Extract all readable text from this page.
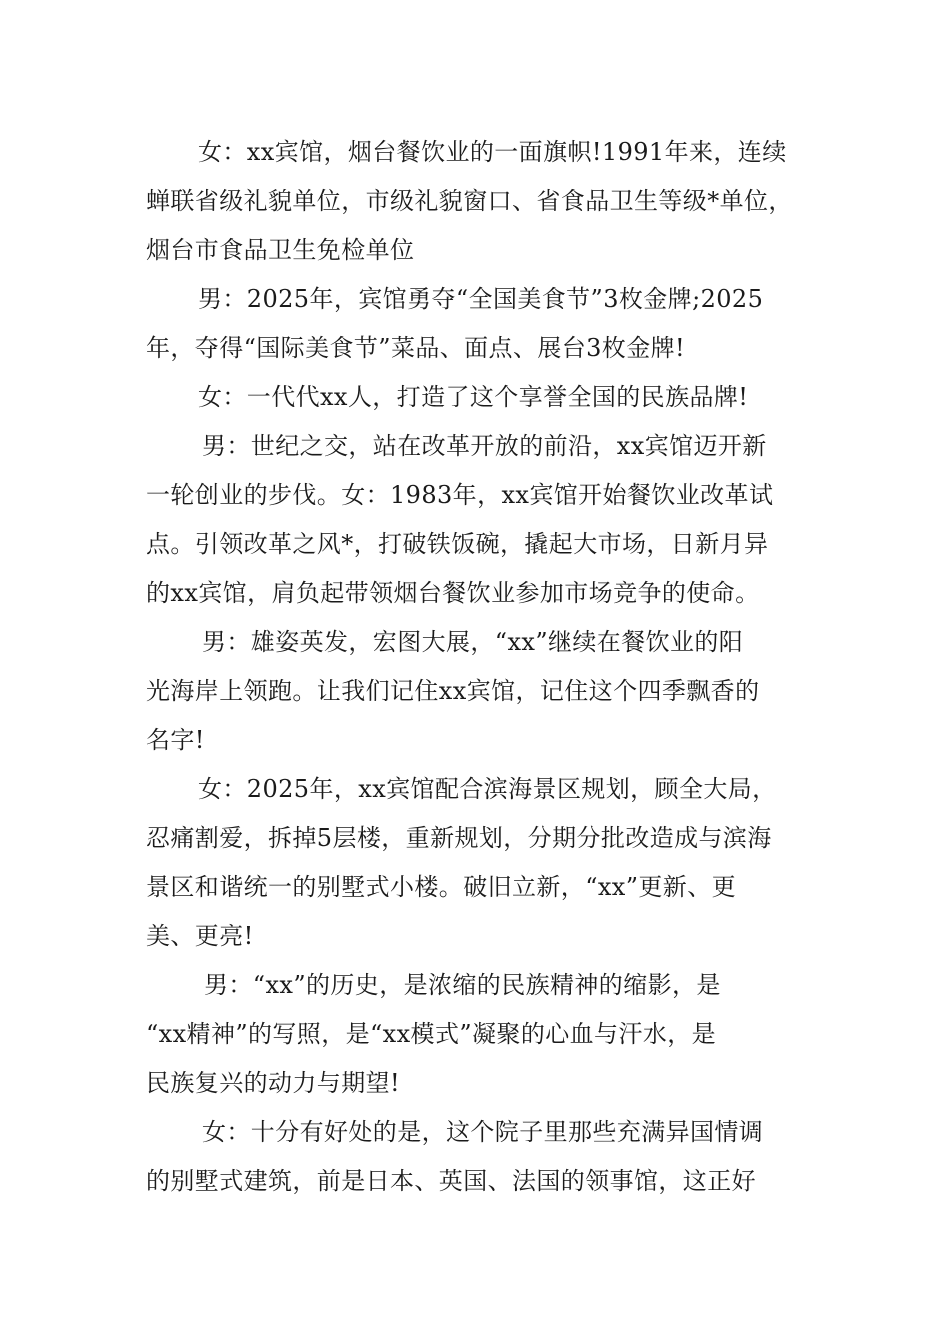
女：xx宾馆，烟台餐饮业的一面旗帜!1991年来，连续
蝉联省级礼貌单位，市级礼貌窗口、省食品卫生等级*单位，
烟台市食品卫生免检单位
男：2025年，宾馆勇夺“全国美食节”3枚金牌;2025
年，夺得“国际美食节”菜品、面点、展台3枚金牌!
女：一代代xx人，打造了这个享誉全国的民族品牌!
男：世纪之交，站在改革开放的前沿，xx宾馆迈开新
一轮创业的步伐。女：1983年，xx宾馆开始餐饮业改革试
点。引领改革之风*，打破铁饭碗，撬起大市场，日新月异
的xx宾馆，肩负起带领烟台餐饮业参加市场竞争的使命。
男：雄姿英发，宏图大展，“xx”继续在餐饮业的阳
光海岸上领跑。让我们记住xx宾馆，记住这个四季飘香的
名字!
女：2025年，xx宾馆配合滨海景区规划，顾全大局，
忍痛割爱，拆掉5层楼，重新规划，分期分批改造成与滨海
景区和谐统一的别墅式小楼。破旧立新，“xx”更新、更
美、更亮!
男：“xx”的历史，是浓缩的民族精神的缩影，是
“xx精神”的写照，是“xx模式”凝聚的心血与汗水，是
民族复兴的动力与期望!
女：十分有好处的是，这个院子里那些充满异国情调
的别墅式建筑，前是日本、英国、法国的领事馆，这正好
